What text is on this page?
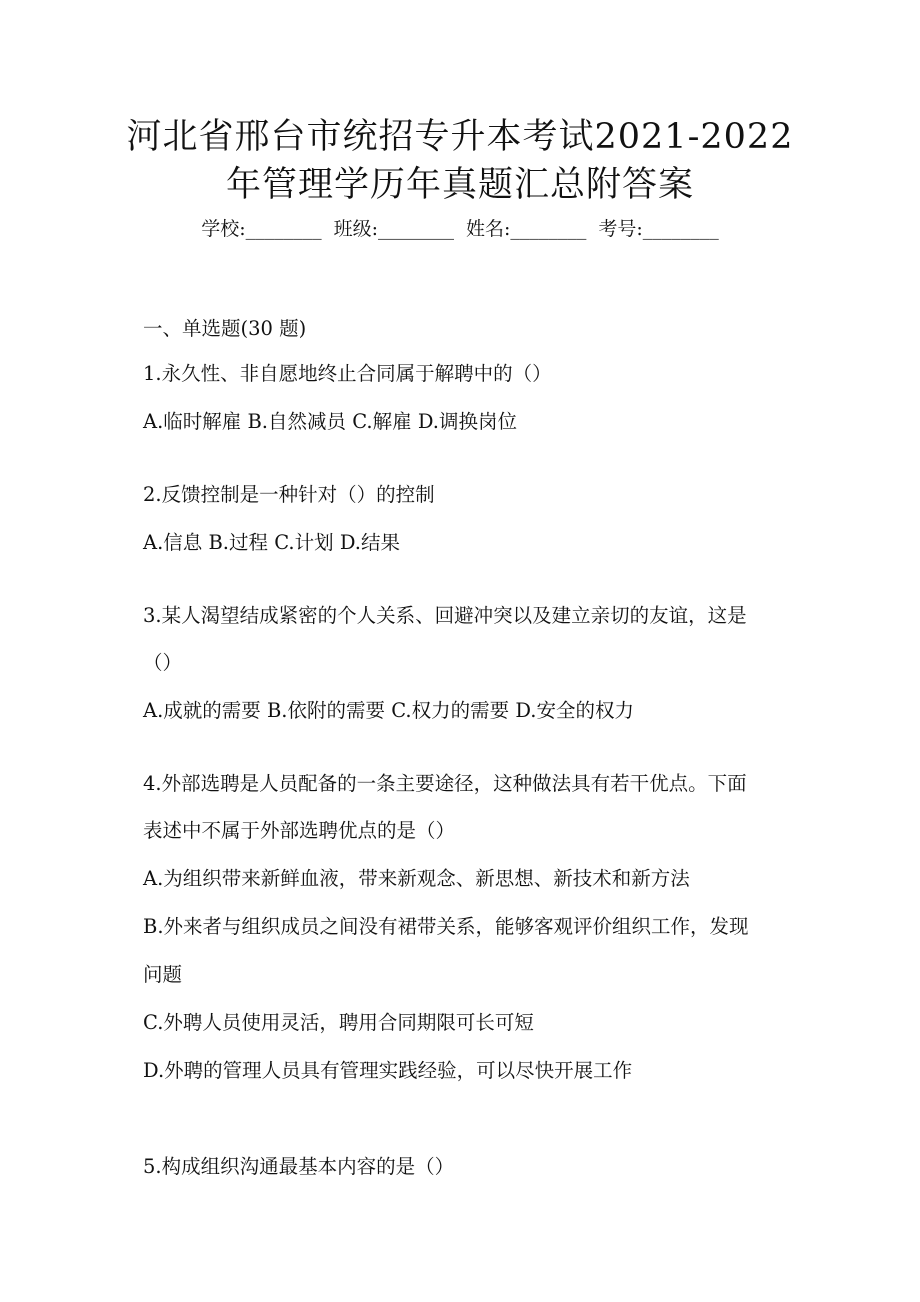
河北省邢台市统招专升本考试2021-2022
年管理学历年真题汇总附答案
学校:________ 班级:________ 姓名:________ 考号:________
一、单选题(30 题)
1.永久性、非自愿地终止合同属于解聘中的（）
A.临时解雇 B.自然减员 C.解雇 D.调换岗位
2.反馈控制是一种针对（）的控制
A.信息 B.过程 C.计划 D.结果
3.某人渴望结成紧密的个人关系、回避冲突以及建立亲切的友谊，这是
（）
A.成就的需要 B.依附的需要 C.权力的需要 D.安全的权力
4.外部选聘是人员配备的一条主要途径，这种做法具有若干优点。下面
表述中不属于外部选聘优点的是（）
A.为组织带来新鲜血液，带来新观念、新思想、新技术和新方法
B.外来者与组织成员之间没有裙带关系，能够客观评价组织工作，发现
问题
C.外聘人员使用灵活，聘用合同期限可长可短
D.外聘的管理人员具有管理实践经验，可以尽快开展工作
5.构成组织沟通最基本内容的是（）
